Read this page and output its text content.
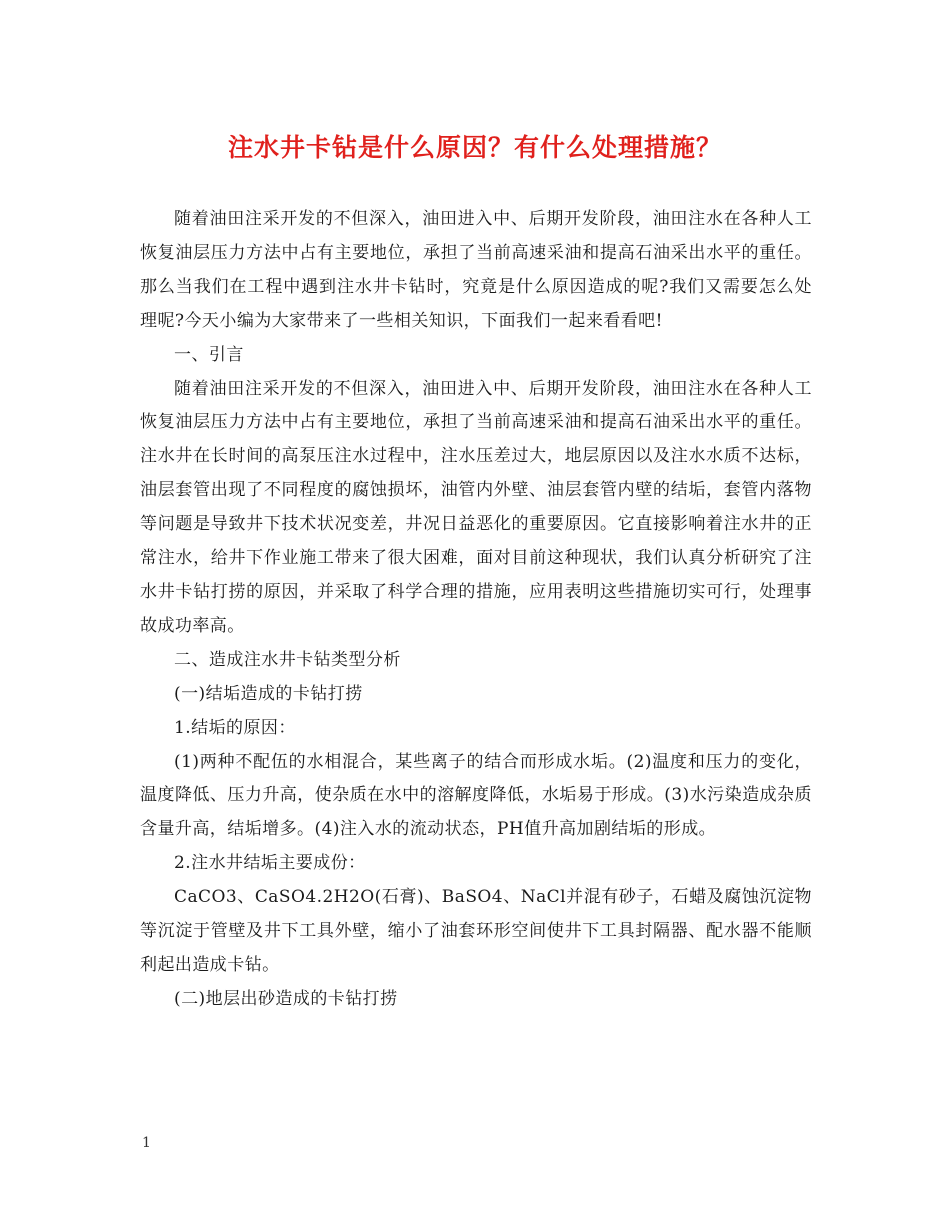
注水井卡钻是什么原因？有什么处理措施？

随着油田注采开发的不但深入，油田进入中、后期开发阶段，油田注水在各种人工恢复油层压力方法中占有主要地位，承担了当前高速采油和提高石油采出水平的重任。那么当我们在工程中遇到注水井卡钻时，究竟是什么原因造成的呢?我们又需要怎么处理呢?今天小编为大家带来了一些相关知识，下面我们一起来看看吧!

一、引言

随着油田注采开发的不但深入，油田进入中、后期开发阶段，油田注水在各种人工恢复油层压力方法中占有主要地位，承担了当前高速采油和提高石油采出水平的重任。注水井在长时间的高泵压注水过程中，注水压差过大，地层原因以及注水水质不达标，油层套管出现了不同程度的腐蚀损坏，油管内外壁、油层套管内壁的结垢，套管内落物等问题是导致井下技术状况变差，井况日益恶化的重要原因。它直接影响着注水井的正常注水，给井下作业施工带来了很大困难，面对目前这种现状，我们认真分析研究了注水井卡钻打捞的原因，并采取了科学合理的措施，应用表明这些措施切实可行，处理事故成功率高。

二、造成注水井卡钻类型分析

(一)结垢造成的卡钻打捞

1.结垢的原因：

(1)两种不配伍的水相混合，某些离子的结合而形成水垢。(2)温度和压力的变化，温度降低、压力升高，使杂质在水中的溶解度降低，水垢易于形成。(3)水污染造成杂质含量升高，结垢增多。(4)注入水的流动状态，PH值升高加剧结垢的形成。

2.注水井结垢主要成份：

CaCO3、CaSO4.2H2O(石膏)、BaSO4、NaCl并混有砂子，石蜡及腐蚀沉淀物等沉淀于管壁及井下工具外壁，缩小了油套环形空间使井下工具封隔器、配水器不能顺利起出造成卡钻。

(二)地层出砂造成的卡钻打捞

1
